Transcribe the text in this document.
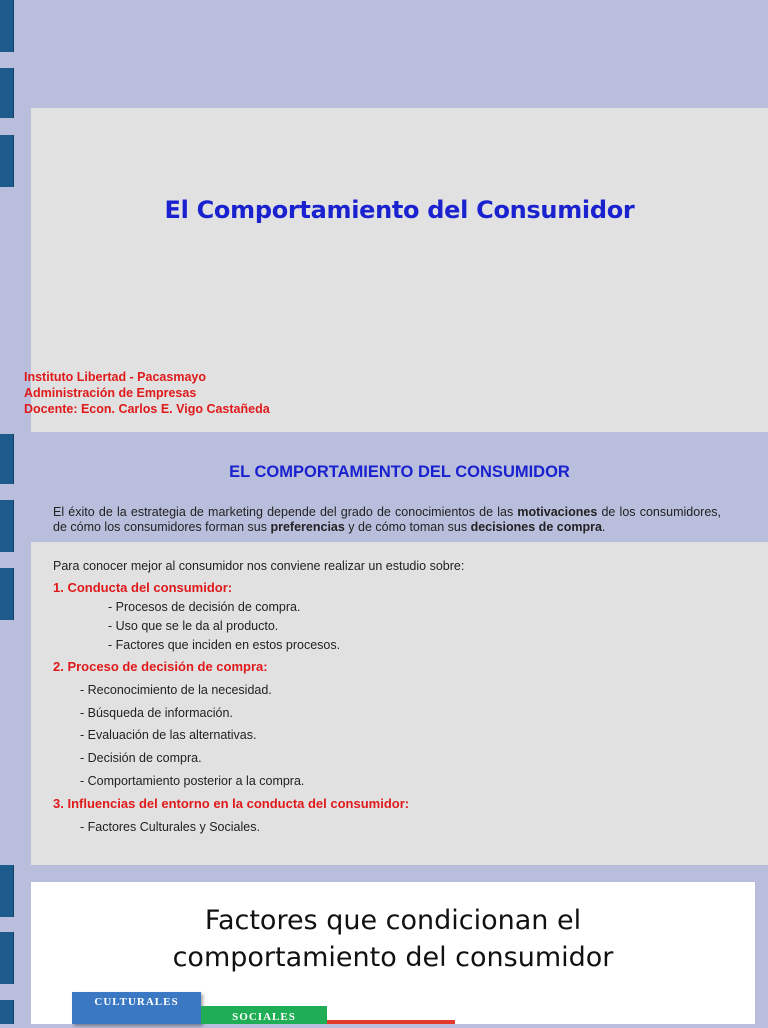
El Comportamiento del Consumidor
Instituto Libertad - Pacasmayo
Administración de Empresas
Docente: Econ. Carlos E. Vigo Castañeda
EL COMPORTAMIENTO DEL CONSUMIDOR
El éxito de la estrategia de marketing depende del grado de conocimientos de las motivaciones de los consumidores, de cómo los consumidores forman sus preferencias y de cómo toman sus decisiones de compra.
Para conocer mejor al consumidor nos conviene realizar un estudio sobre:
1. Conducta del consumidor:
- Procesos de decisión de compra.
- Uso que se le da al producto.
- Factores que inciden en estos procesos.
2. Proceso de decisión de compra:
- Reconocimiento de la necesidad.
- Búsqueda de información.
- Evaluación de las alternativas.
- Decisión de compra.
- Comportamiento posterior a la compra.
3. Influencias del entorno en la conducta del consumidor:
- Factores Culturales y Sociales.
Factores que condicionan el
comportamiento del consumidor
CULTURALES
SOCIALES
